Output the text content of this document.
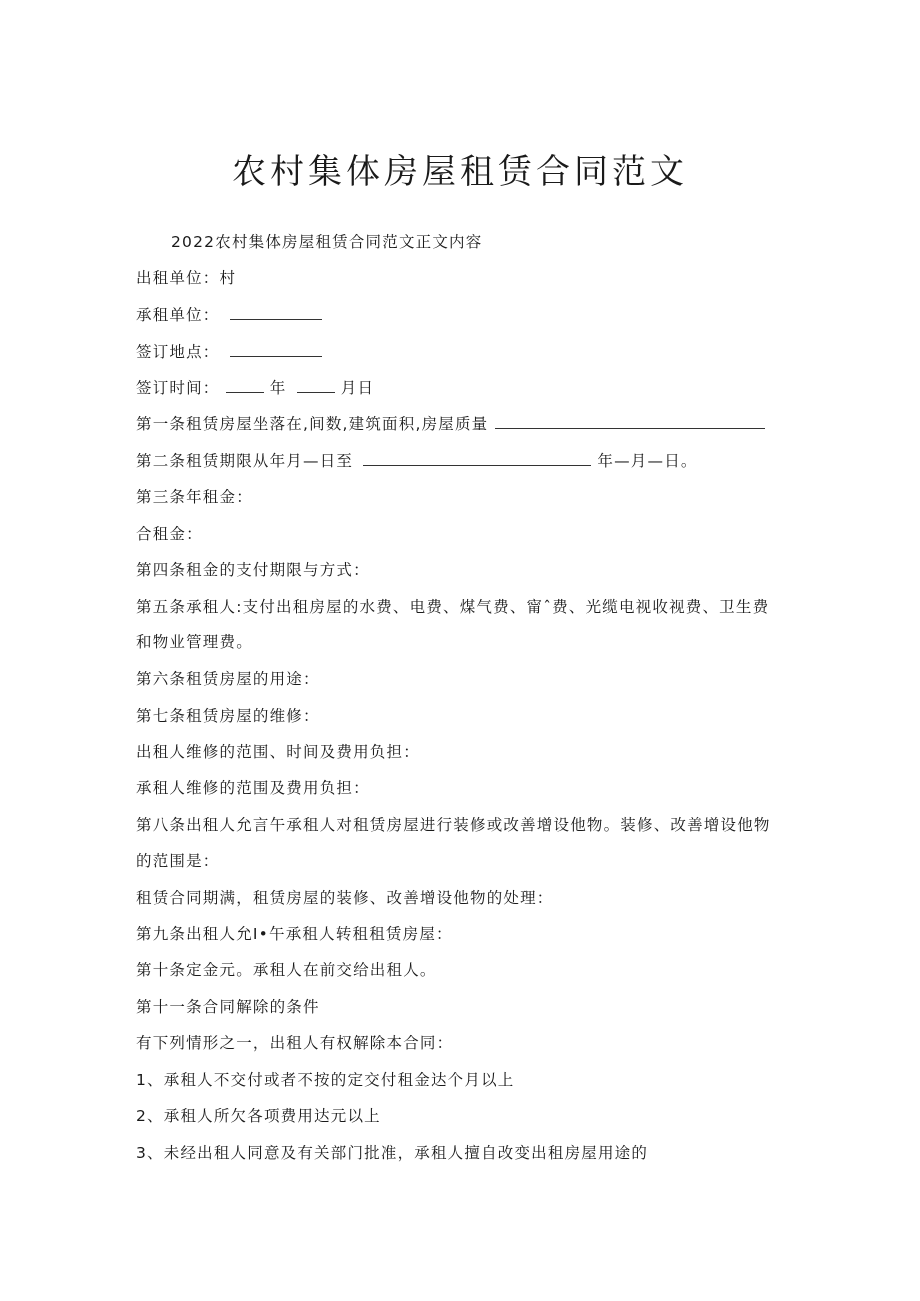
农村集体房屋租赁合同范文
2022农村集体房屋租赁合同范文正文内容
出租单位：村
承租单位：
签订地点：
签订时间：	年	月日
第一条租赁房屋坐落在,间数,建筑面积,房屋质量
第二条租赁期限从年月—日至	年—月—日。
第三条年租金：
合租金：
第四条租金的支付期限与方式：
第五条承租人:支付出租房屋的水费、电费、煤气费、甯ˆ费、光缆电视收视费、卫生费
和物业管理费。
第六条租赁房屋的用途：
第七条租赁房屋的维修：
出租人维修的范围、时间及费用负担：
承租人维修的范围及费用负担：
第八条出租人允言午承租人对租赁房屋进行装修或改善增设他物。装修、改善增设他物
的范围是：
租赁合同期满，租赁房屋的装修、改善增设他物的处理：
第九条出租人允I•午承租人转租租赁房屋：
第十条定金元。承租人在前交给出租人。
第十一条合同解除的条件
有下列情形之一，出租人有权解除本合同：
1、承租人不交付或者不按的定交付租金达个月以上
2、承租人所欠各项费用达元以上
3、未经出租人同意及有关部门批准，承租人擅自改变出租房屋用途的
